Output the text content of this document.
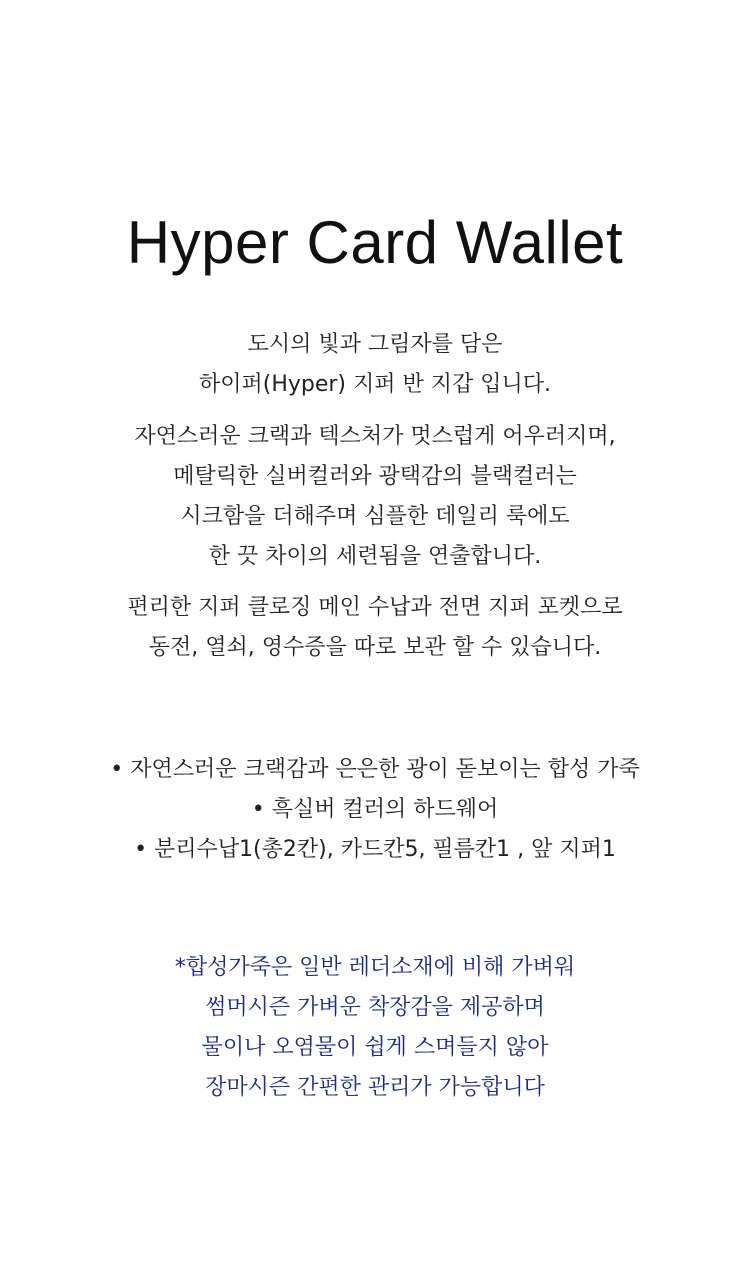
Hyper Card Wallet
도시의 빛과 그림자를 담은
하이퍼(Hyper) 지퍼 반 지갑 입니다.
자연스러운 크랙과 텍스처가 멋스럽게 어우러지며,
메탈릭한 실버컬러와 광택감의 블랙컬러는
시크함을 더해주며 심플한 데일리 룩에도
한 끗 차이의 세련됨을 연출합니다.
편리한 지퍼 클로징 메인 수납과 전면 지퍼 포켓으로
동전, 열쇠, 영수증을 따로 보관 할 수 있습니다.
• 자연스러운 크랙감과 은은한 광이 돋보이는 합성 가죽
• 흑실버 컬러의 하드웨어
• 분리수납1(총2칸), 카드칸5, 필름칸1 , 앞 지퍼1
*합성가죽은 일반 레더소재에 비해 가벼워
썸머시즌 가벼운 착장감을 제공하며
물이나 오염물이 쉽게 스며들지 않아
장마시즌 간편한 관리가 가능합니다
